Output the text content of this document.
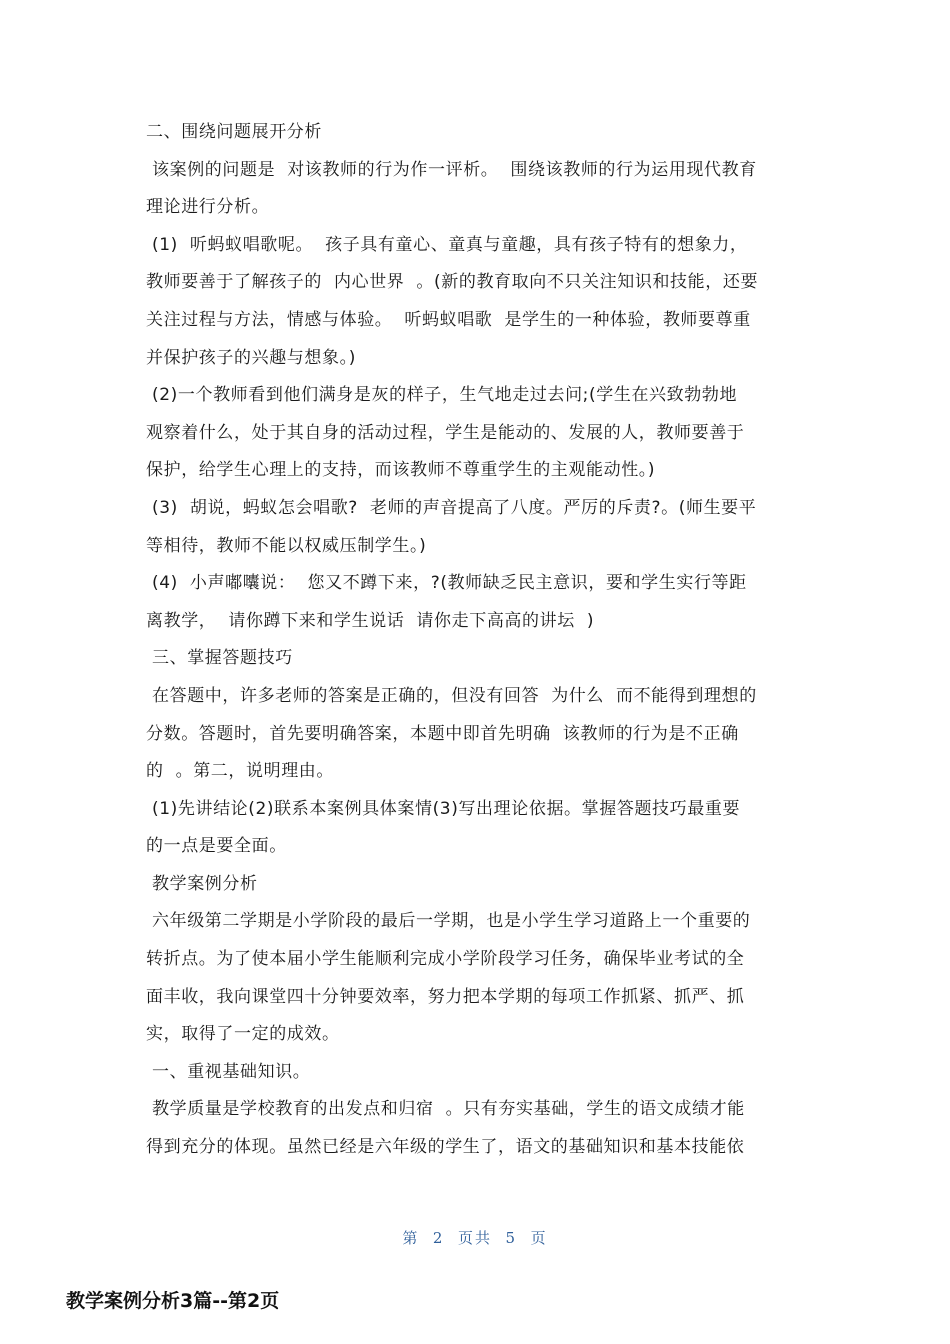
二、围绕问题展开分析
该案例的问题是  对该教师的行为作一评析。  围绕该教师的行为运用现代教育
理论进行分析。
(1)  听蚂蚁唱歌呢。  孩子具有童心、童真与童趣，具有孩子特有的想象力，
教师要善于了解孩子的  内心世界  。(新的教育取向不只关注知识和技能，还要
关注过程与方法，情感与体验。  听蚂蚁唱歌  是学生的一种体验，教师要尊重
并保护孩子的兴趣与想象。)
(2)一个教师看到他们满身是灰的样子，生气地走过去问;(学生在兴致勃勃地
观察着什么，处于其自身的活动过程，学生是能动的、发展的人，教师要善于
保护，给学生心理上的支持，而该教师不尊重学生的主观能动性。)
(3)  胡说，蚂蚁怎会唱歌?  老师的声音提高了八度。严厉的斥责?。(师生要平
等相待，教师不能以权威压制学生。)
(4)  小声嘟囔说：  您又不蹲下来，?(教师缺乏民主意识，要和学生实行等距
离教学，  请你蹲下来和学生说话  请你走下高高的讲坛  )
三、掌握答题技巧
在答题中，许多老师的答案是正确的，但没有回答  为什么  而不能得到理想的
分数。答题时，首先要明确答案，本题中即首先明确  该教师的行为是不正确
的  。第二，说明理由。
(1)先讲结论(2)联系本案例具体案情(3)写出理论依据。掌握答题技巧最重要
的一点是要全面。
教学案例分析
六年级第二学期是小学阶段的最后一学期，也是小学生学习道路上一个重要的
转折点。为了使本届小学生能顺利完成小学阶段学习任务，确保毕业考试的全
面丰收，我向课堂四十分钟要效率，努力把本学期的每项工作抓紧、抓严、抓
实，取得了一定的成效。
一、重视基础知识。
教学质量是学校教育的出发点和归宿  。只有夯实基础，学生的语文成绩才能
得到充分的体现。虽然已经是六年级的学生了，语文的基础知识和基本技能依
第  2  页共  5  页
教学案例分析3篇--第2页
